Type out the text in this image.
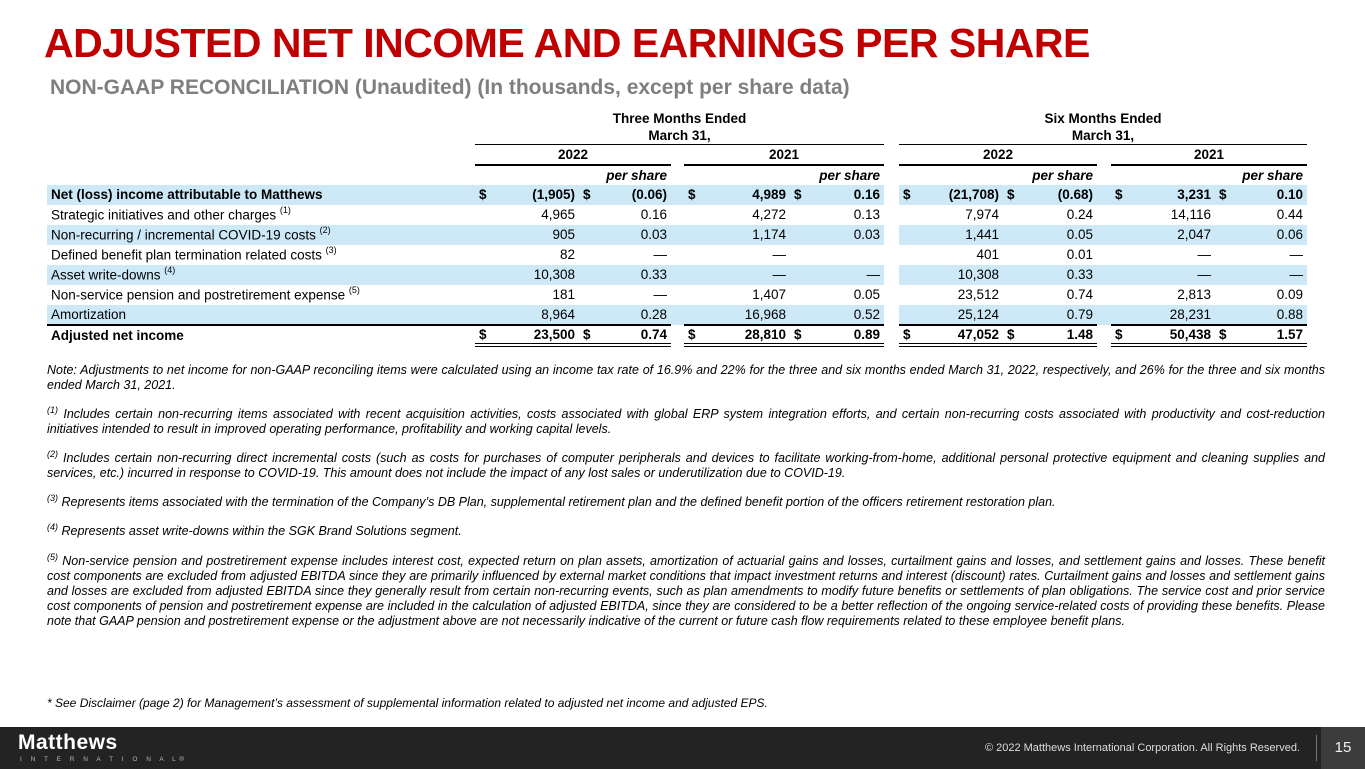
ADJUSTED NET INCOME AND EARNINGS PER SHARE
NON-GAAP RECONCILIATION (Unaudited) (In thousands, except per share data)

Three Months Ended
March 31,

Six Months Ended
March 31,

	2022					2021					2022					2021			
	per share					per share					per share					per share			
Net (loss) income attributable to Matthews	$	(1,905)	$	(0.06)		$	4,989	$	0.16		$	(21,708)	$	(0.68)		$	3,231	$	0.10
Strategic initiatives and other charges $^{(1)}$		4,965		0.16			4,272		0.13			7,974		0.24			14,116		0.44
Non-recurring / incremental COVID-19 costs $^{(2)}$		905		0.03			1,174		0.03			1,441		0.05			2,047		0.06
Defined benefit plan termination related costs $^{(3)}$		82		—			—					401		0.01			—		—
Asset write-downs $^{(4)}$		10,308		0.33			—		—			10,308		0.33			—		—
Non-service pension and postretirement expense $^{(5)}$		181		—			1,407		0.05			23,512		0.74			2,813		0.09
Amortization		8,964		0.28			16,968		0.52			25,124		0.79			28,231		0.88
Adjusted net income	$	23,500	$	0.74		$	28,810	$	0.89		$	47,052	$	1.48		$	50,438	$	1.57

Note: Adjustments to net income for non-GAAP reconciling items were calculated using an income tax rate of 16.9% and 22% for the three and six months ended March 31, 2022, respectively, and 26% for the three and six months ended March 31, 2021.

$^{(1)}$ Includes certain non-recurring items associated with recent acquisition activities, costs associated with global ERP system integration efforts, and certain non-recurring costs associated with productivity and cost-reduction initiatives intended to result in improved operating performance, profitability and working capital levels.

$^{(2)}$ Includes certain non-recurring direct incremental costs (such as costs for purchases of computer peripherals and devices to facilitate working-from-home, additional personal protective equipment and cleaning supplies and services, etc.) incurred in response to COVID-19. This amount does not include the impact of any lost sales or underutilization due to COVID-19.

$^{(3)}$ Represents items associated with the termination of the Company’s DB Plan, supplemental retirement plan and the defined benefit portion of the officers retirement restoration plan.

$^{(4)}$ Represents asset write-downs within the SGK Brand Solutions segment.

$^{(5)}$ Non-service pension and postretirement expense includes interest cost, expected return on plan assets, amortization of actuarial gains and losses, curtailment gains and losses, and settlement gains and losses. These benefit cost components are excluded from adjusted EBITDA since they are primarily influenced by external market conditions that impact investment returns and interest (discount) rates. Curtailment gains and losses and settlement gains and losses are excluded from adjusted EBITDA since they generally result from certain non-recurring events, such as plan amendments to modify future benefits or settlements of plan obligations. The service cost and prior service cost components of pension and postretirement expense are included in the calculation of adjusted EBITDA, since they are considered to be a better reflection of the ongoing service-related costs of providing these benefits. Please note that GAAP pension and postretirement expense or the adjustment above are not necessarily indicative of the current or future cash flow requirements related to these employee benefit plans.

* See Disclaimer (page 2) for Management’s assessment of supplemental information related to adjusted net income and adjusted EPS.
Matthews
I N T E R N A T I O N A L®
© 2022 Matthews International Corporation. All Rights Reserved.	15
